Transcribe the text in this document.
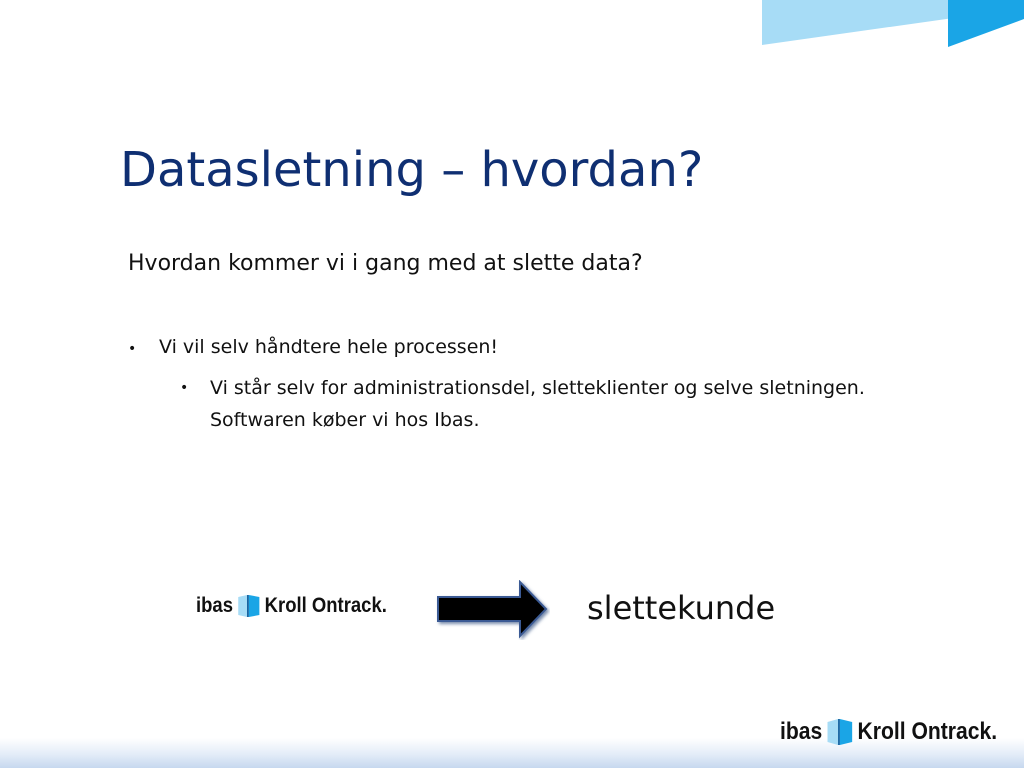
Datasletning – hvordan?
Hvordan kommer vi i gang med at slette data?
• Vi vil selv håndtere hele processen!
•	Vi står selv for administrationsdel, sletteklienter og selve sletningen. Softwaren køber vi hos Ibas.
ibas Kroll Ontrack .	slettekunde
ibas Kroll Ontrack .
